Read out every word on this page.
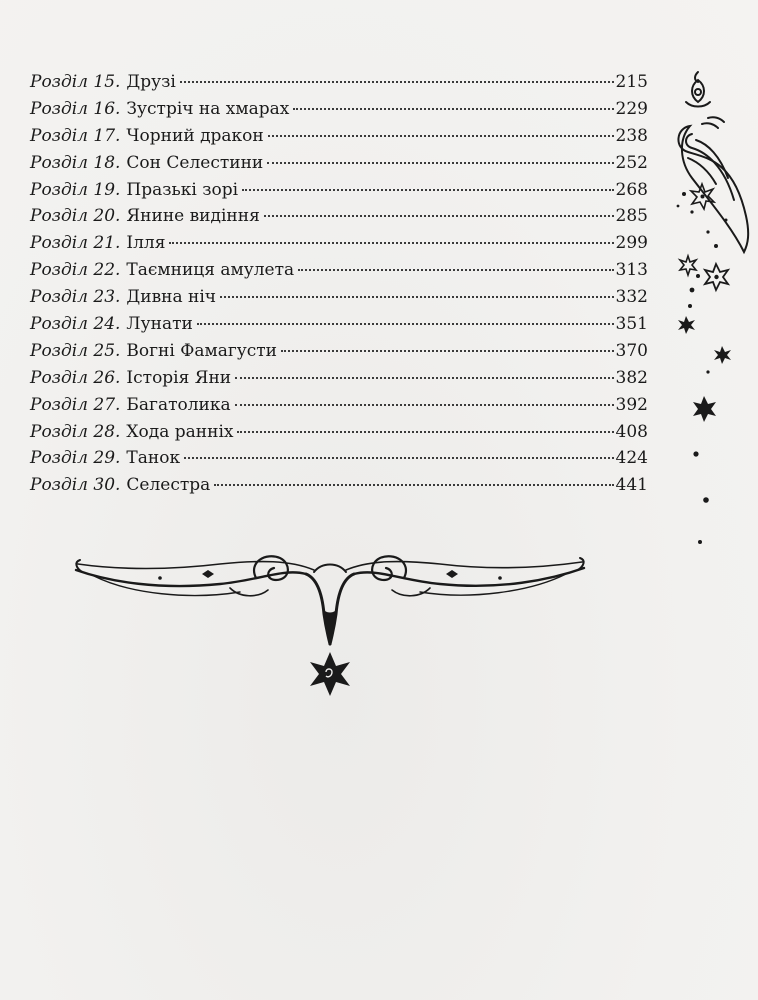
Розділ 15. Друзі	215
Розділ 16. Зустріч на хмарах	229
Розділ 17. Чорний дракон	238
Розділ 18. Сон Селестини	252
Розділ 19. Празькі зорі	268
Розділ 20. Янине видіння	285
Розділ 21. Ілля	299
Розділ 22. Таємниця амулета	313
Розділ 23. Дивна ніч	332
Розділ 24. Лунати	351
Розділ 25. Вогні Фамагусти	370
Розділ 26. Історія Яни	382
Розділ 27. Багатолика	392
Розділ 28. Хода ранніх	408
Розділ 29. Танок	424
Розділ 30. Селестра	441
